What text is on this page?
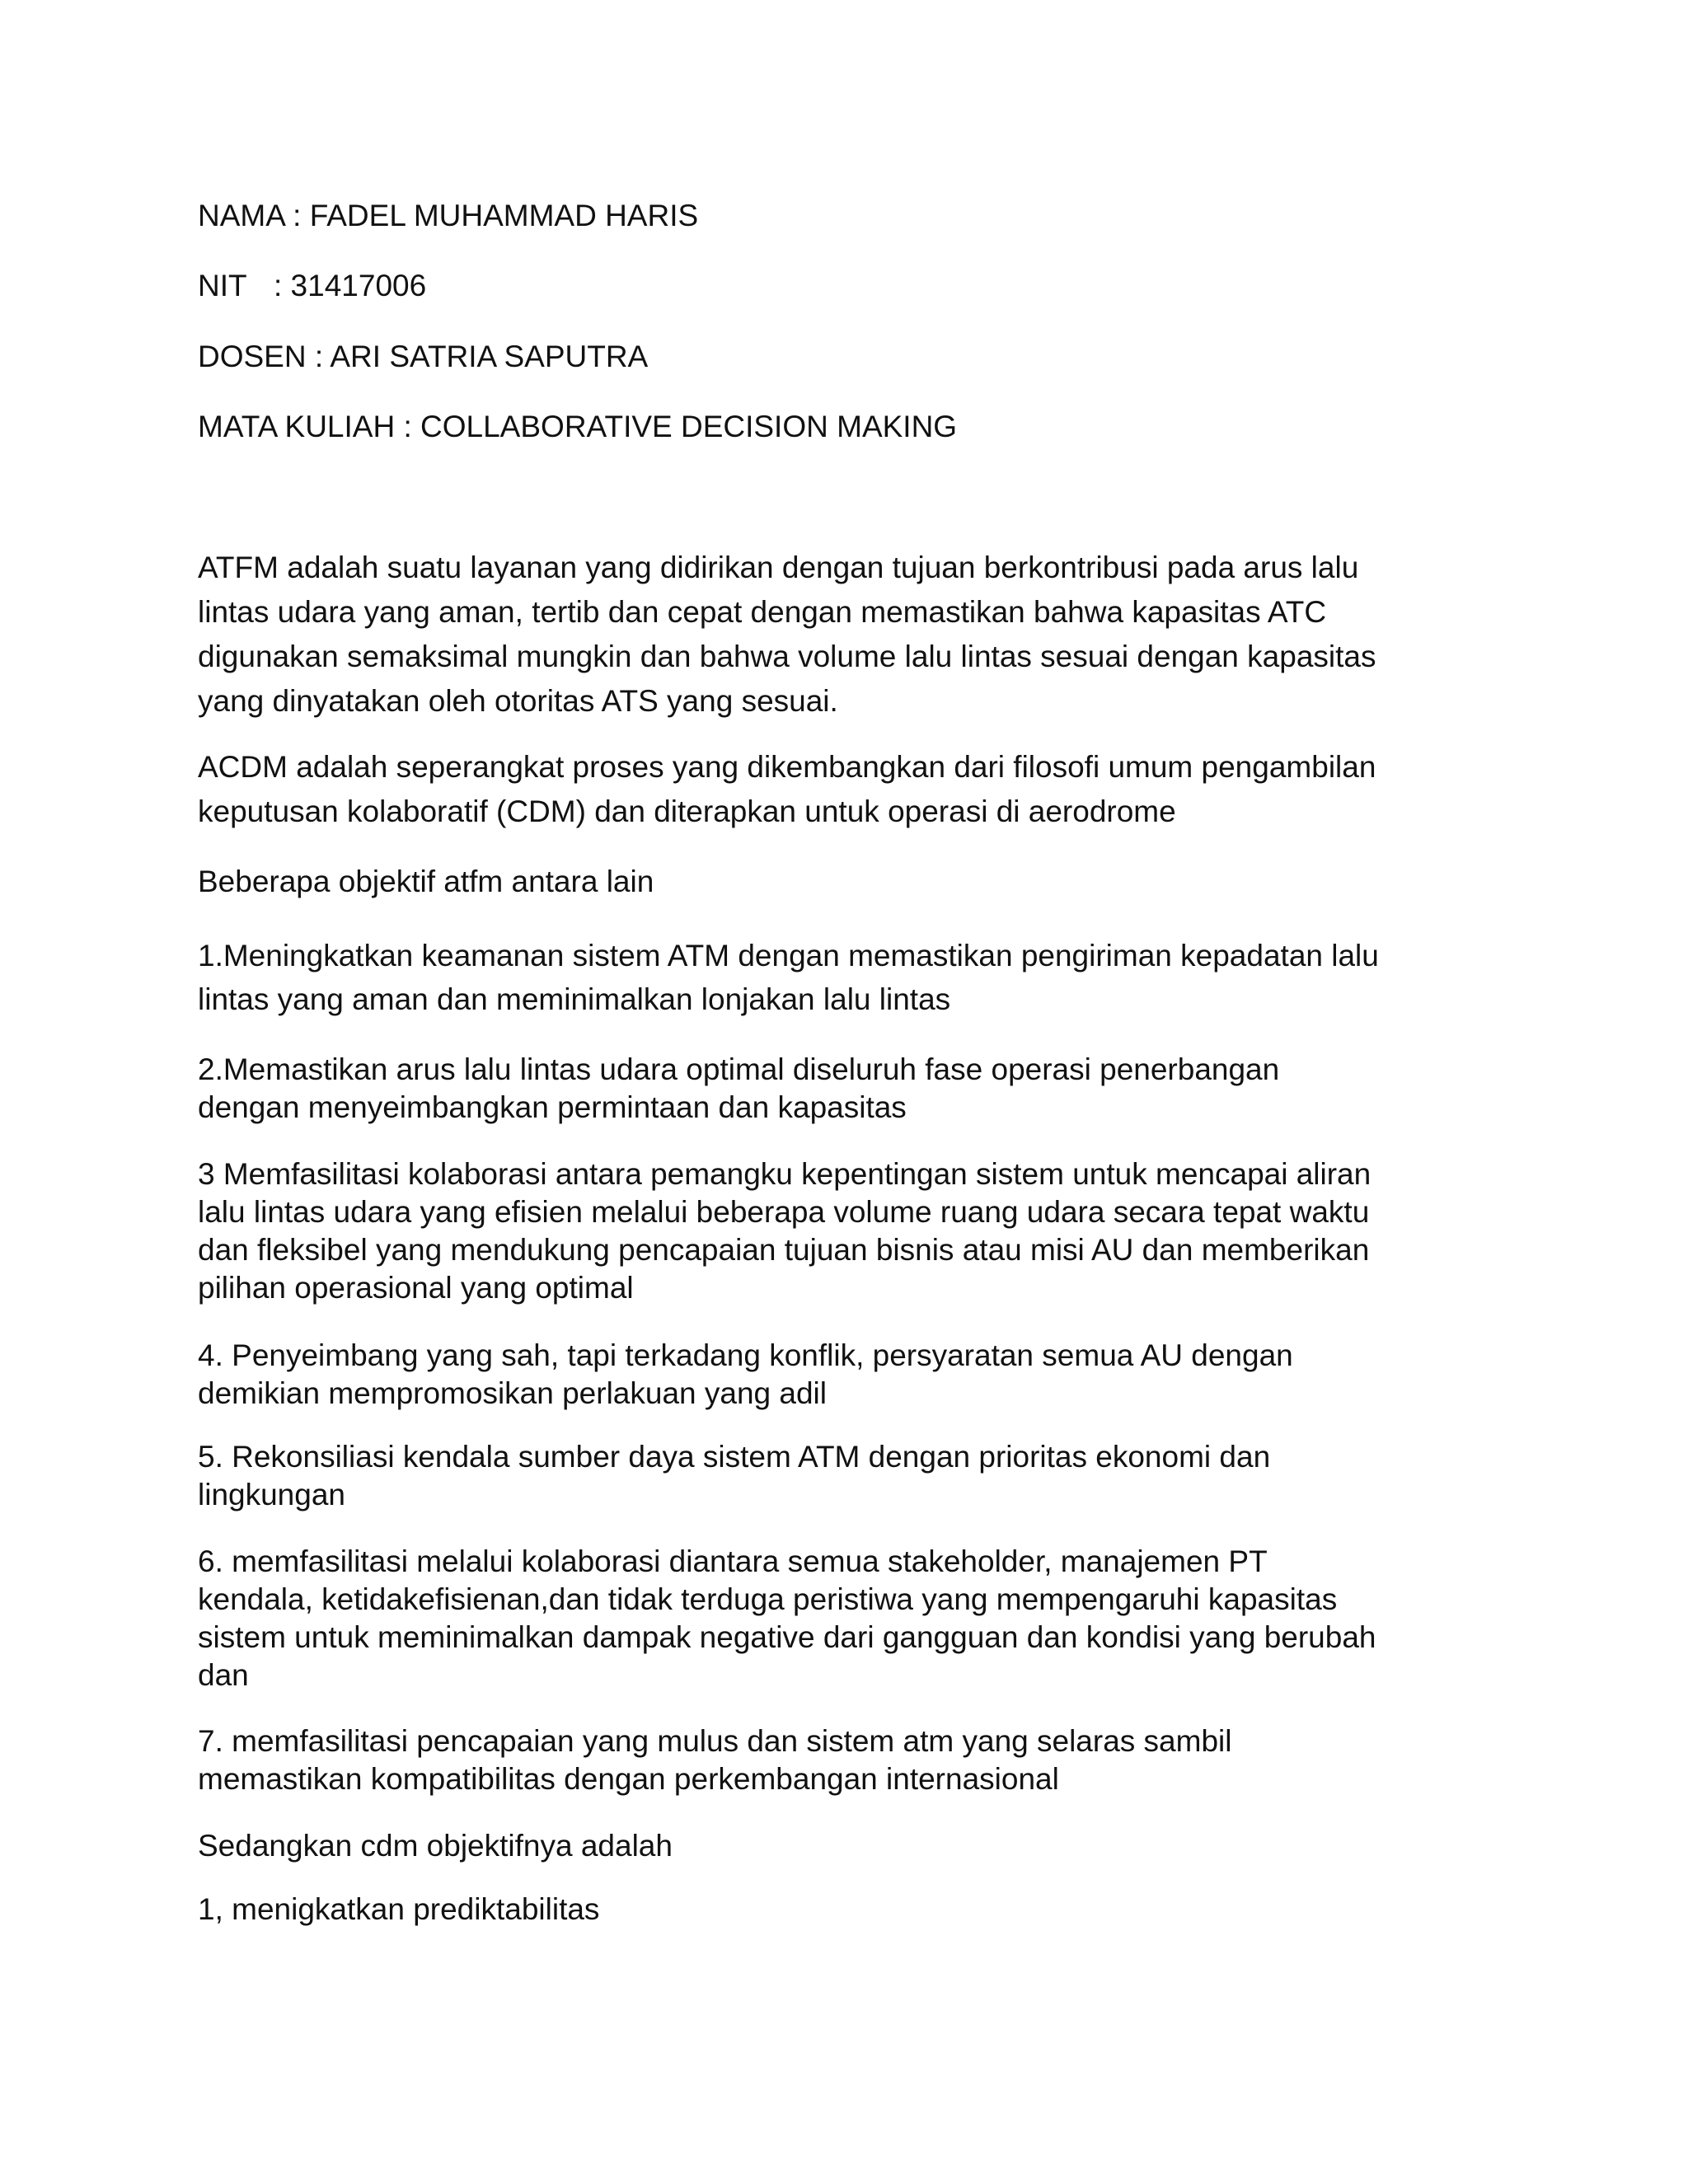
NAMA : FADEL MUHAMMAD HARIS

NIT : 31417006

DOSEN : ARI SATRIA SAPUTRA

MATA KULIAH : COLLABORATIVE DECISION MAKING

ATFM adalah suatu layanan yang didirikan dengan tujuan berkontribusi pada arus lalu
lintas udara yang aman, tertib dan cepat dengan memastikan bahwa kapasitas ATC
digunakan semaksimal mungkin dan bahwa volume lalu lintas sesuai dengan kapasitas
yang dinyatakan oleh otoritas ATS yang sesuai.

ACDM adalah seperangkat proses yang dikembangkan dari filosofi umum pengambilan
keputusan kolaboratif (CDM) dan diterapkan untuk operasi di aerodrome

Beberapa objektif atfm antara lain

1.Meningkatkan keamanan sistem ATM dengan memastikan pengiriman kepadatan lalu
lintas yang aman dan meminimalkan lonjakan lalu lintas

2.Memastikan arus lalu lintas udara optimal diseluruh fase operasi penerbangan
dengan menyeimbangkan permintaan dan kapasitas

3 Memfasilitasi kolaborasi antara pemangku kepentingan sistem untuk mencapai aliran
lalu lintas udara yang efisien melalui beberapa volume ruang udara secara tepat waktu
dan fleksibel yang mendukung pencapaian tujuan bisnis atau misi AU dan memberikan
pilihan operasional yang optimal

4. Penyeimbang yang sah, tapi terkadang konflik, persyaratan semua AU dengan
demikian mempromosikan perlakuan yang adil

5. Rekonsiliasi kendala sumber daya sistem ATM dengan prioritas ekonomi dan
lingkungan

6. memfasilitasi melalui kolaborasi diantara semua stakeholder, manajemen PT
kendala, ketidakefisienan,dan tidak terduga peristiwa yang mempengaruhi kapasitas
sistem untuk meminimalkan dampak negative dari gangguan dan kondisi yang berubah
dan

7. memfasilitasi pencapaian yang mulus dan sistem atm yang selaras sambil
memastikan kompatibilitas dengan perkembangan internasional

Sedangkan cdm objektifnya adalah

1, menigkatkan prediktabilitas
